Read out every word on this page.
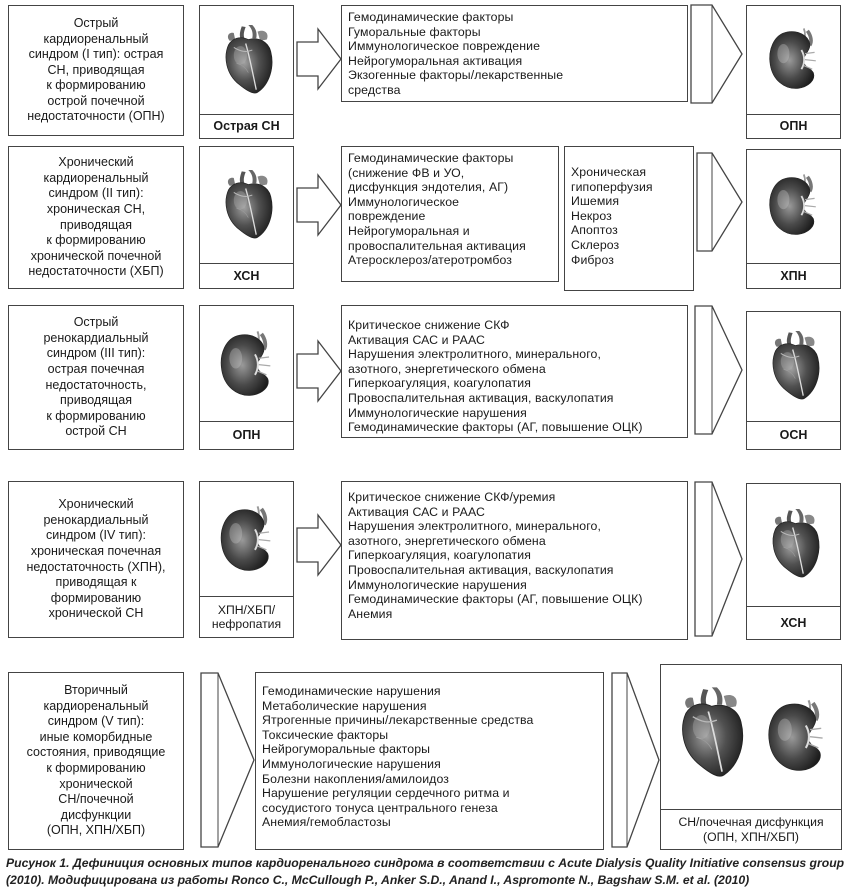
Острый
кардиоренальный
синдром (I тип): острая
СН, приводящая
к формированию
острой почечной
недостаточности (ОПН)
Острая СН
Гемодинамические факторы
Гуморальные факторы
Иммунологическое повреждение
Нейрогуморальная активация
Экзогенные факторы/лекарственные
средства
ОПН
Хронический
кардиоренальный
синдром (II тип):
хроническая СН,
приводящая
к формированию
хронической почечной
недостаточности (ХБП)	ХСН
Гемодинамические факторы
(снижение ФВ и УО,
дисфункция эндотелия, АГ)
Иммунологическое
повреждение
Нейрогуморальная и
провоспалительная активация
Атеросклероз/атеротромбоз
Хроническая
гипоперфузия
Ишемия
Некроз
Апоптоз
Склероз
Фиброз
ХПН
Острый
ренокардиальный
синдром (III тип):
острая почечная
недостаточность,
приводящая
к формированию
острой СН	ОПН
Критическое снижение СКФ
Активация САС и РААС
Нарушения электролитного, минерального,
азотного, энергетического обмена
Гиперкоагуляция, коагулопатия
Провоспалительная активация, васкулопатия
Иммунологические нарушения
Гемодинамические факторы (АГ, повышение ОЦК)
ОСН
Хронический
ренокардиальный
синдром (IV тип):
хроническая почечная
недостаточность (ХПН),
приводящая к
формированию
хронической СН	ХПН/ХБП/
нефропатия
Критическое снижение СКФ/уремия
Активация САС и РААС
Нарушения электролитного, минерального,
азотного, энергетического обмена
Гиперкоагуляция, коагулопатия
Провоспалительная активация, васкулопатия
Иммунологические нарушения
Гемодинамические факторы (АГ, повышение ОЦК)
Анемия
ХСН
Вторичный
кардиоренальный
синдром (V тип):
иные коморбидные
состояния, приводящие
к формированию
хронической
СН/почечной
дисфункции
(ОПН, ХПН/ХБП)
Гемодинамические нарушения
Метаболические нарушения
Ятрогенные причины/лекарственные средства
Токсические факторы
Нейрогуморальные факторы
Иммунологические нарушения
Болезни накопления/амилоидоз
Нарушение регуляции сердечного ритма и
сосудистого тонуса центрального генеза
Анемия/гемобластозы	СН/почечная дисфункция
(ОПН, ХПН/ХБП)
Рисунок 1. Дефиниция основных типов кардиоренального синдрома в соответствии с Acute Dialysis Quality Initiative consensus group (2010). Модифицирована из работы Ronco C., McCullough P., Anker S.D., Anand I., Aspromonte N., Bagshaw S.M. et al. (2010)
